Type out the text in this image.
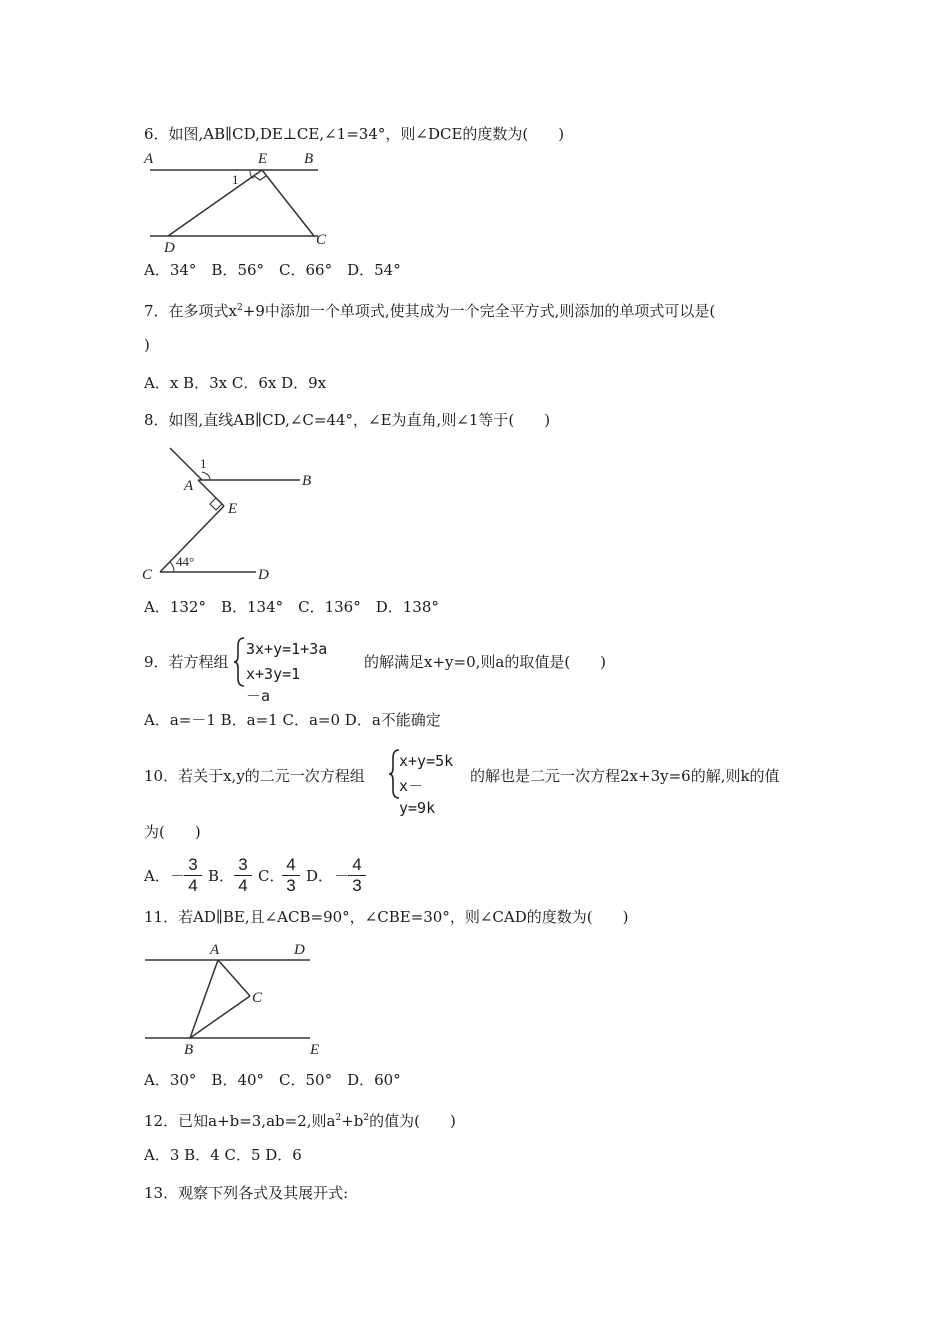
6．如图,AB∥CD,DE⊥CE,∠1=34°，则∠DCE的度数为(　　)
A	E B
1
D	C
A．34°　B．56°　C．66°　D．54°
7．在多项式$x^2+9$中添加一个单项式,使其成为一个完全平方式,则添加的单项式可以是(
)
A．x B．3x C．6x D．9x
8．如图,直线AB∥CD,∠C=44°，∠E为直角,则∠1等于(　　)
1
A	B
E
44°
C	D
A．132°　B．134°　C．136°　D．138°
9．若方程组
3x+y=1+3a
x+3y=1－a
的解满足x+y=0,则a的取值是(　　)
A．a=－1 B．a=1 C．a=0 D．a不能确定
10．若关于x,y的二元一次方程组
x+y=5k
x－y=9k
的解也是二元一次方程2x+3y=6的解,则k的值
为(　　)
A． －
3
4 B．
3
4 C．
4
3 D． －
4
3
11．若AD∥BE,且∠ACB=90°，∠CBE=30°，则∠CAD的度数为(　　)
A	D
C
B	E
A．30°　B．40°　C．50°　D．60°
12．已知a+b=3,ab=2,则$a^2+b^2$的值为(　　)
A．3 B．4 C．5 D．6
13．观察下列各式及其展开式:
